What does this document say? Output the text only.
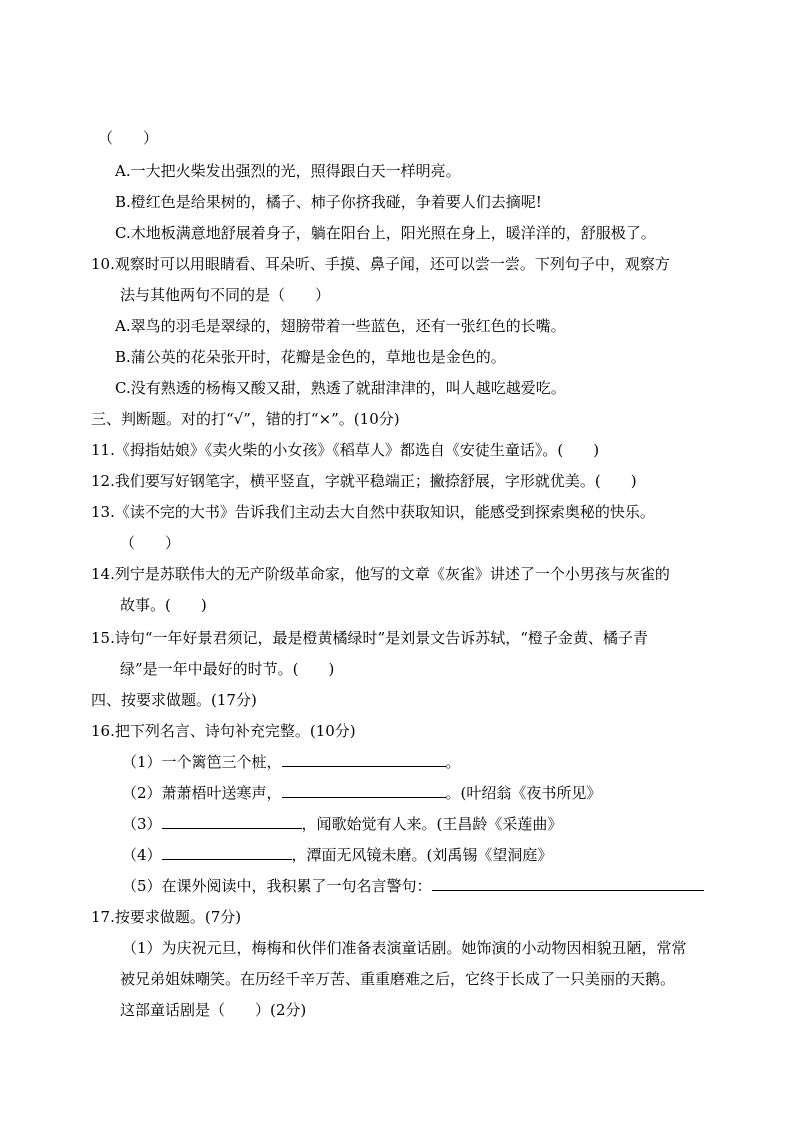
（　　）
A.一大把火柴发出强烈的光，照得跟白天一样明亮。
B.橙红色是给果树的，橘子、柿子你挤我碰，争着要人们去摘呢!
C.木地板满意地舒展着身子，躺在阳台上，阳光照在身上，暖洋洋的，舒服极了。
10.观察时可以用眼睛看、耳朵听、手摸、鼻子闻，还可以尝一尝。下列句子中，观察方
法与其他两句不同的是（　　）
A.翠鸟的羽毛是翠绿的，翅膀带着一些蓝色，还有一张红色的长嘴。
B.蒲公英的花朵张开时，花瓣是金色的，草地也是金色的。
C.没有熟透的杨梅又酸又甜，熟透了就甜津津的，叫人越吃越爱吃。
三、判断题。对的打“√”，错的打“×”。(10分)
11.《拇指姑娘》《卖火柴的小女孩》《稻草人》都选自《安徒生童话》。(　　)
12.我们要写好钢笔字，横平竖直，字就平稳端正；撇捺舒展，字形就优美。(　　)
13.《读不完的大书》告诉我们主动去大自然中获取知识，能感受到探索奥秘的快乐。
（　　）
14.列宁是苏联伟大的无产阶级革命家，他写的文章《灰雀》讲述了一个小男孩与灰雀的
故事。(　　)
15.诗句“一年好景君须记，最是橙黄橘绿时”是刘景文告诉苏轼，“橙子金黄、橘子青
绿”是一年中最好的时节。(　　)
四、按要求做题。(17分)
16.把下列名言、诗句补充完整。(10分)
（1）一个篱笆三个桩，	。
（2）萧萧梧叶送寒声，	。(叶绍翁《夜书所见》
（3）	，闻歌始觉有人来。(王昌龄《采莲曲》
（4）	，潭面无风镜未磨。(刘禹锡《望洞庭》
（5）在课外阅读中，我积累了一句名言警句：
17.按要求做题。(7分)
（1）为庆祝元旦，梅梅和伙伴们准备表演童话剧。她饰演的小动物因相貌丑陋，常常
被兄弟姐妹嘲笑。在历经千辛万苦、重重磨难之后，它终于长成了一只美丽的天鹅。
这部童话剧是（　　）(2分)
